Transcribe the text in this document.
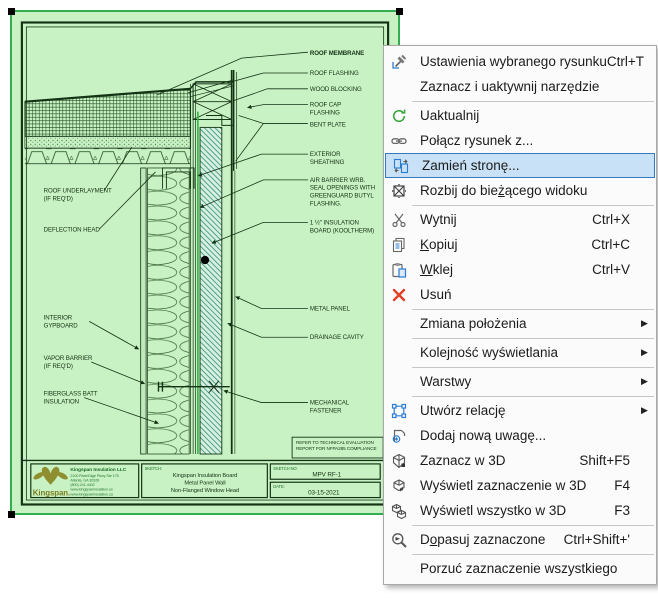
ROOF MEMBRANE
ROOF FLASHING
WOOD BLOCKING
ROOF CAP FLASHING
BENT PLATE
EXTERIOR SHEATHING
AIR BARRIER WRB. SEAL OPENINGS WITH GREENGUARD BUTYL FLASHING.
1 ½" INSULATION BOARD (KOOLTHERM)
METAL PANEL
DRAINAGE CAVITY
MECHANICAL FASTENER
ROOF UNDERLAYMENT (IF REQ'D)
DEFLECTION HEAD
INTERIOR GYPBOARD
VAPOR BARRIER (IF REQ'D)
FIBERGLASS BATT INSULATION
REFER TO TECHNICAL EVALUATION REPORT FOR NFPA285 COMPLIANCE
Kingspan Insulation LLC
2100 RiverEdge Pkwy Ste 175 Atlanta, GA 30328 (800) 241-4402 www.kingspaninsulation.us www.kingspaninsulation.ca
Kingspan.
SKETCH:
Kingspan Insulation Board Metal Panel Wall Non-Flanged Window Head
SKETCH NO:
MPV RF-1
DATE:
03-15-2021
Ustawienia wybranego rysunku Ctrl+T
Zaznacz i uaktywnij narzędzie
Uaktualnij
Połącz rysunek z...
Zamień stronę...
Rozbij do bieżącego widoku
Wytnij	Ctrl+X
Kopiuj	Ctrl+C
Wklej	Ctrl+V
Usuń
Zmiana położenia	▶
Kolejność wyświetlania	▶
Warstwy	▶
Utwórz relację	▶
Dodaj nową uwagę...
Zaznacz w 3D	Shift+F5
Wyświetl zaznaczenie w 3D F4
Wyświetl wszystko w 3D	F3
Dopasuj zaznaczone Ctrl+Shift+'
Porzuć zaznaczenie wszystkiego
